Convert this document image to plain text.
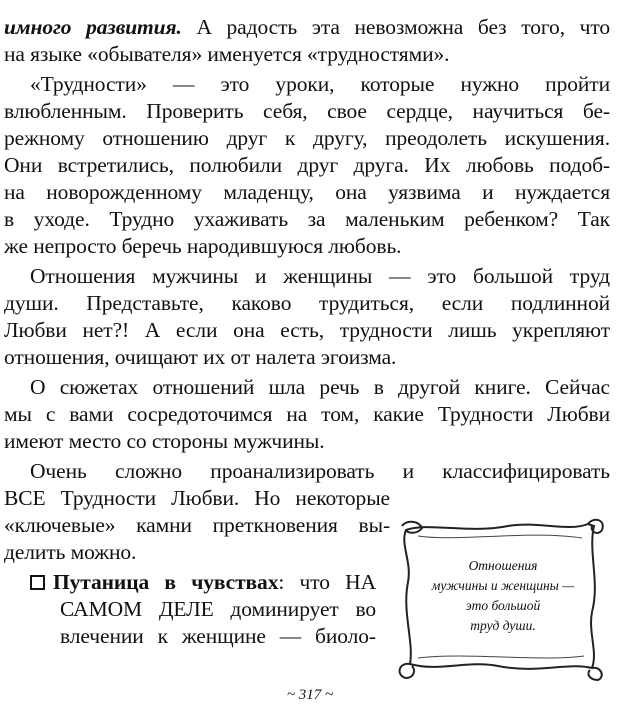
имного развития. А радость эта невозможна без того, что
на языке «обывателя» именуется «трудностями».
«Трудности» — это уроки, которые нужно пройти
влюбленным. Проверить себя, свое сердце, научиться бе-
режному отношению друг к другу, преодолеть искушения.
Они встретились, полюбили друг друга. Их любовь подоб-
на новорожденному младенцу, она уязвима и нуждается
в уходе. Трудно ухаживать за маленьким ребенком? Так
же непросто беречь народившуюся любовь.
Отношения мужчины и женщины — это большой труд
души. Представьте, каково трудиться, если подлинной
Любви нет?! А если она есть, трудности лишь укрепляют
отношения, очищают их от налета эгоизма.
О сюжетах отношений шла речь в другой книге. Сейчас
мы с вами сосредоточимся на том, какие Трудности Любви
имеют место со стороны мужчины.
Очень сложно проанализировать и классифицировать
ВСЕ Трудности Любви. Но некоторые
«ключевые» камни преткновения вы-
делить можно.
Путаница в чувствах: что НА
САМОМ ДЕЛЕ доминирует во
влечении к женщине — биоло-
Отношения
мужчины и женщины —
это большой
труд души.
~ 317 ~
